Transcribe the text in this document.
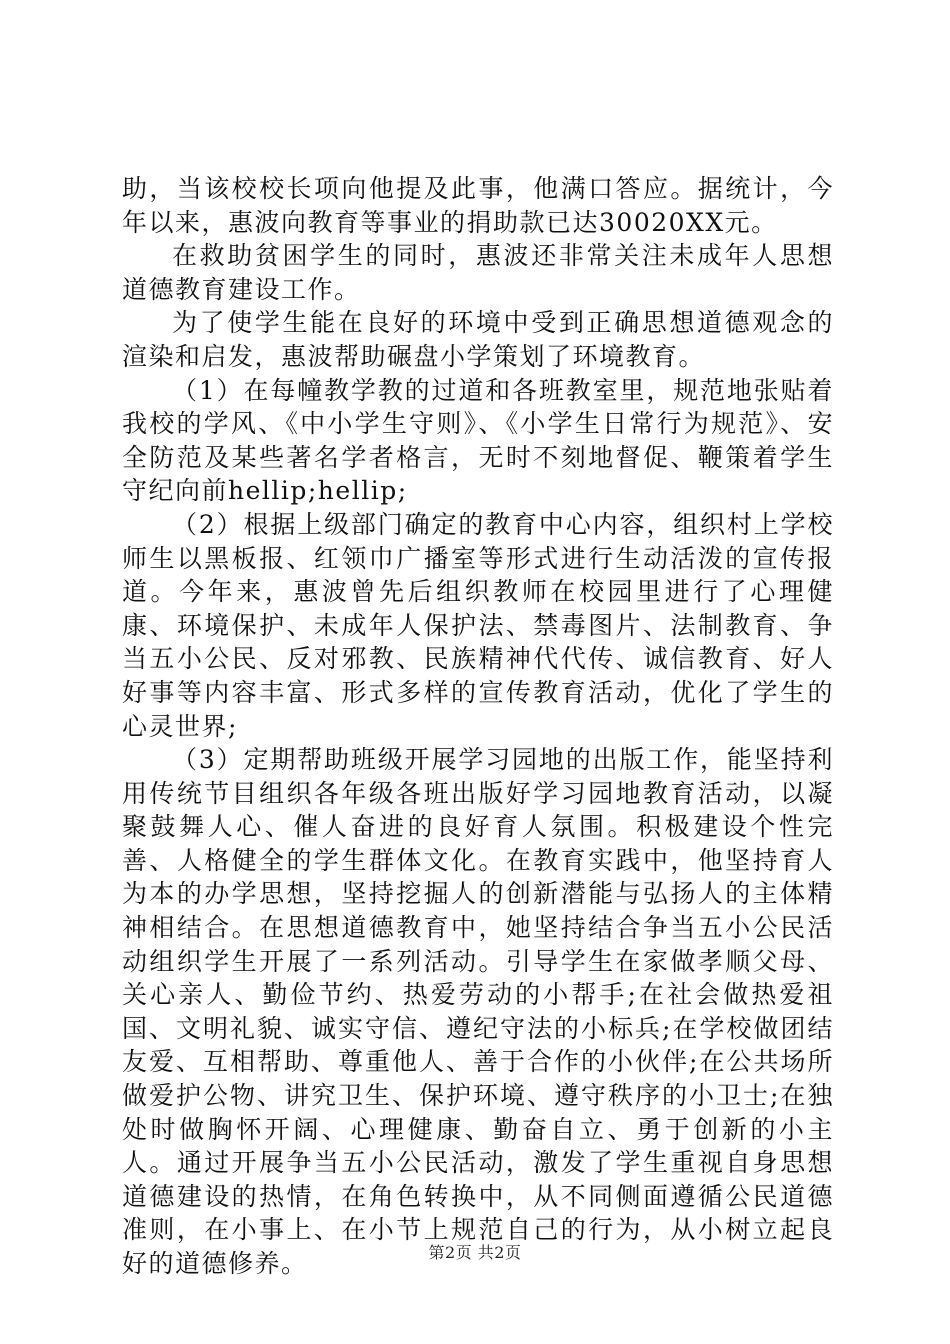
助，当该校校长项向他提及此事，他满口答应。据统计，今年以来，惠波向教育等事业的捐助款已达30020XX元。

在救助贫困学生的同时，惠波还非常关注未成年人思想道德教育建设工作。

为了使学生能在良好的环境中受到正确思想道德观念的渲染和启发，惠波帮助碾盘小学策划了环境教育。

（1）在每幢教学教的过道和各班教室里，规范地张贴着我校的学风、《中小学生守则》、《小学生日常行为规范》、安全防范及某些著名学者格言，无时不刻地督促、鞭策着学生守纪向前hellip;hellip;

（2）根据上级部门确定的教育中心内容，组织村上学校师生以黑板报、红领巾广播室等形式进行生动活泼的宣传报道。今年来，惠波曾先后组织教师在校园里进行了心理健康、环境保护、未成年人保护法、禁毒图片、法制教育、争当五小公民、反对邪教、民族精神代代传、诚信教育、好人好事等内容丰富、形式多样的宣传教育活动，优化了学生的心灵世界;

（3）定期帮助班级开展学习园地的出版工作，能坚持利用传统节目组织各年级各班出版好学习园地教育活动，以凝聚鼓舞人心、催人奋进的良好育人氛围。积极建设个性完善、人格健全的学生群体文化。在教育实践中，他坚持育人为本的办学思想，坚持挖掘人的创新潜能与弘扬人的主体精神相结合。在思想道德教育中，她坚持结合争当五小公民活动组织学生开展了一系列活动。引导学生在家做孝顺父母、关心亲人、勤俭节约、热爱劳动的小帮手;在社会做热爱祖国、文明礼貌、诚实守信、遵纪守法的小标兵;在学校做团结友爱、互相帮助、尊重他人、善于合作的小伙伴;在公共场所做爱护公物、讲究卫生、保护环境、遵守秩序的小卫士;在独处时做胸怀开阔、心理健康、勤奋自立、勇于创新的小主人。通过开展争当五小公民活动，激发了学生重视自身思想道德建设的热情，在角色转换中，从不同侧面遵循公民道德准则，在小事上、在小节上规范自己的行为，从小树立起良好的道德修养。	第2页 共2页
